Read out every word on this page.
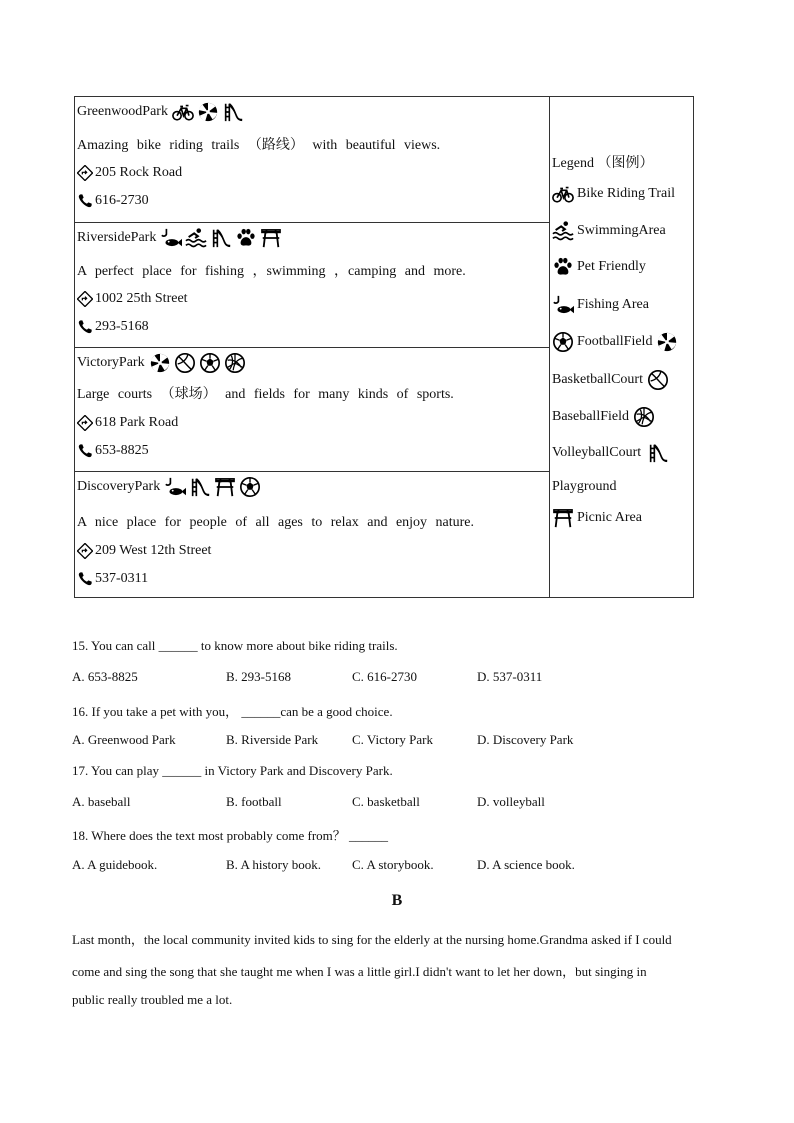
GreenwoodPark
Amazing bike riding trails （路线） with beautiful views.
205 Rock Road
616-2730
RiversidePark
A perfect place for fishing ，swimming ，camping and more.
1002 25th Street
293-5168
VictoryPark
Large courts （球场） and fields for many kinds of sports.
618 Park Road
653-8825
DiscoveryPark
A nice place for people of all ages to relax and enjoy nature.
209 West 12th Street
537-0311
Legend （图例）
Bike Riding Trail
SwimmingArea
Pet Friendly
Fishing Area
FootballField
BasketballCourt
BaseballField
VolleyballCourt
Playground
Picnic Area
15. You can call ______ to know more about bike riding trails.
A. 653-8825	B. 293-5168	C. 616-2730	D. 537-0311
16. If you take a pet with you， ______can be a good choice.
A. Greenwood Park	B. Riverside Park	C. Victory Park	D. Discovery Park
17. You can play ______ in Victory Park and Discovery Park.
A. baseball	B. football	C. basketball	D. volleyball
18. Where does the text most probably come from？ ______
A. A guidebook.	B. A history book. C. A storybook.	D. A science book.
B
Last month，the local community invited kids to sing for the elderly at the nursing home.Grandma asked if I could
come and sing the song that she taught me when I was a little girl.I didn't want to let her down，but singing in
public really troubled me a lot.
